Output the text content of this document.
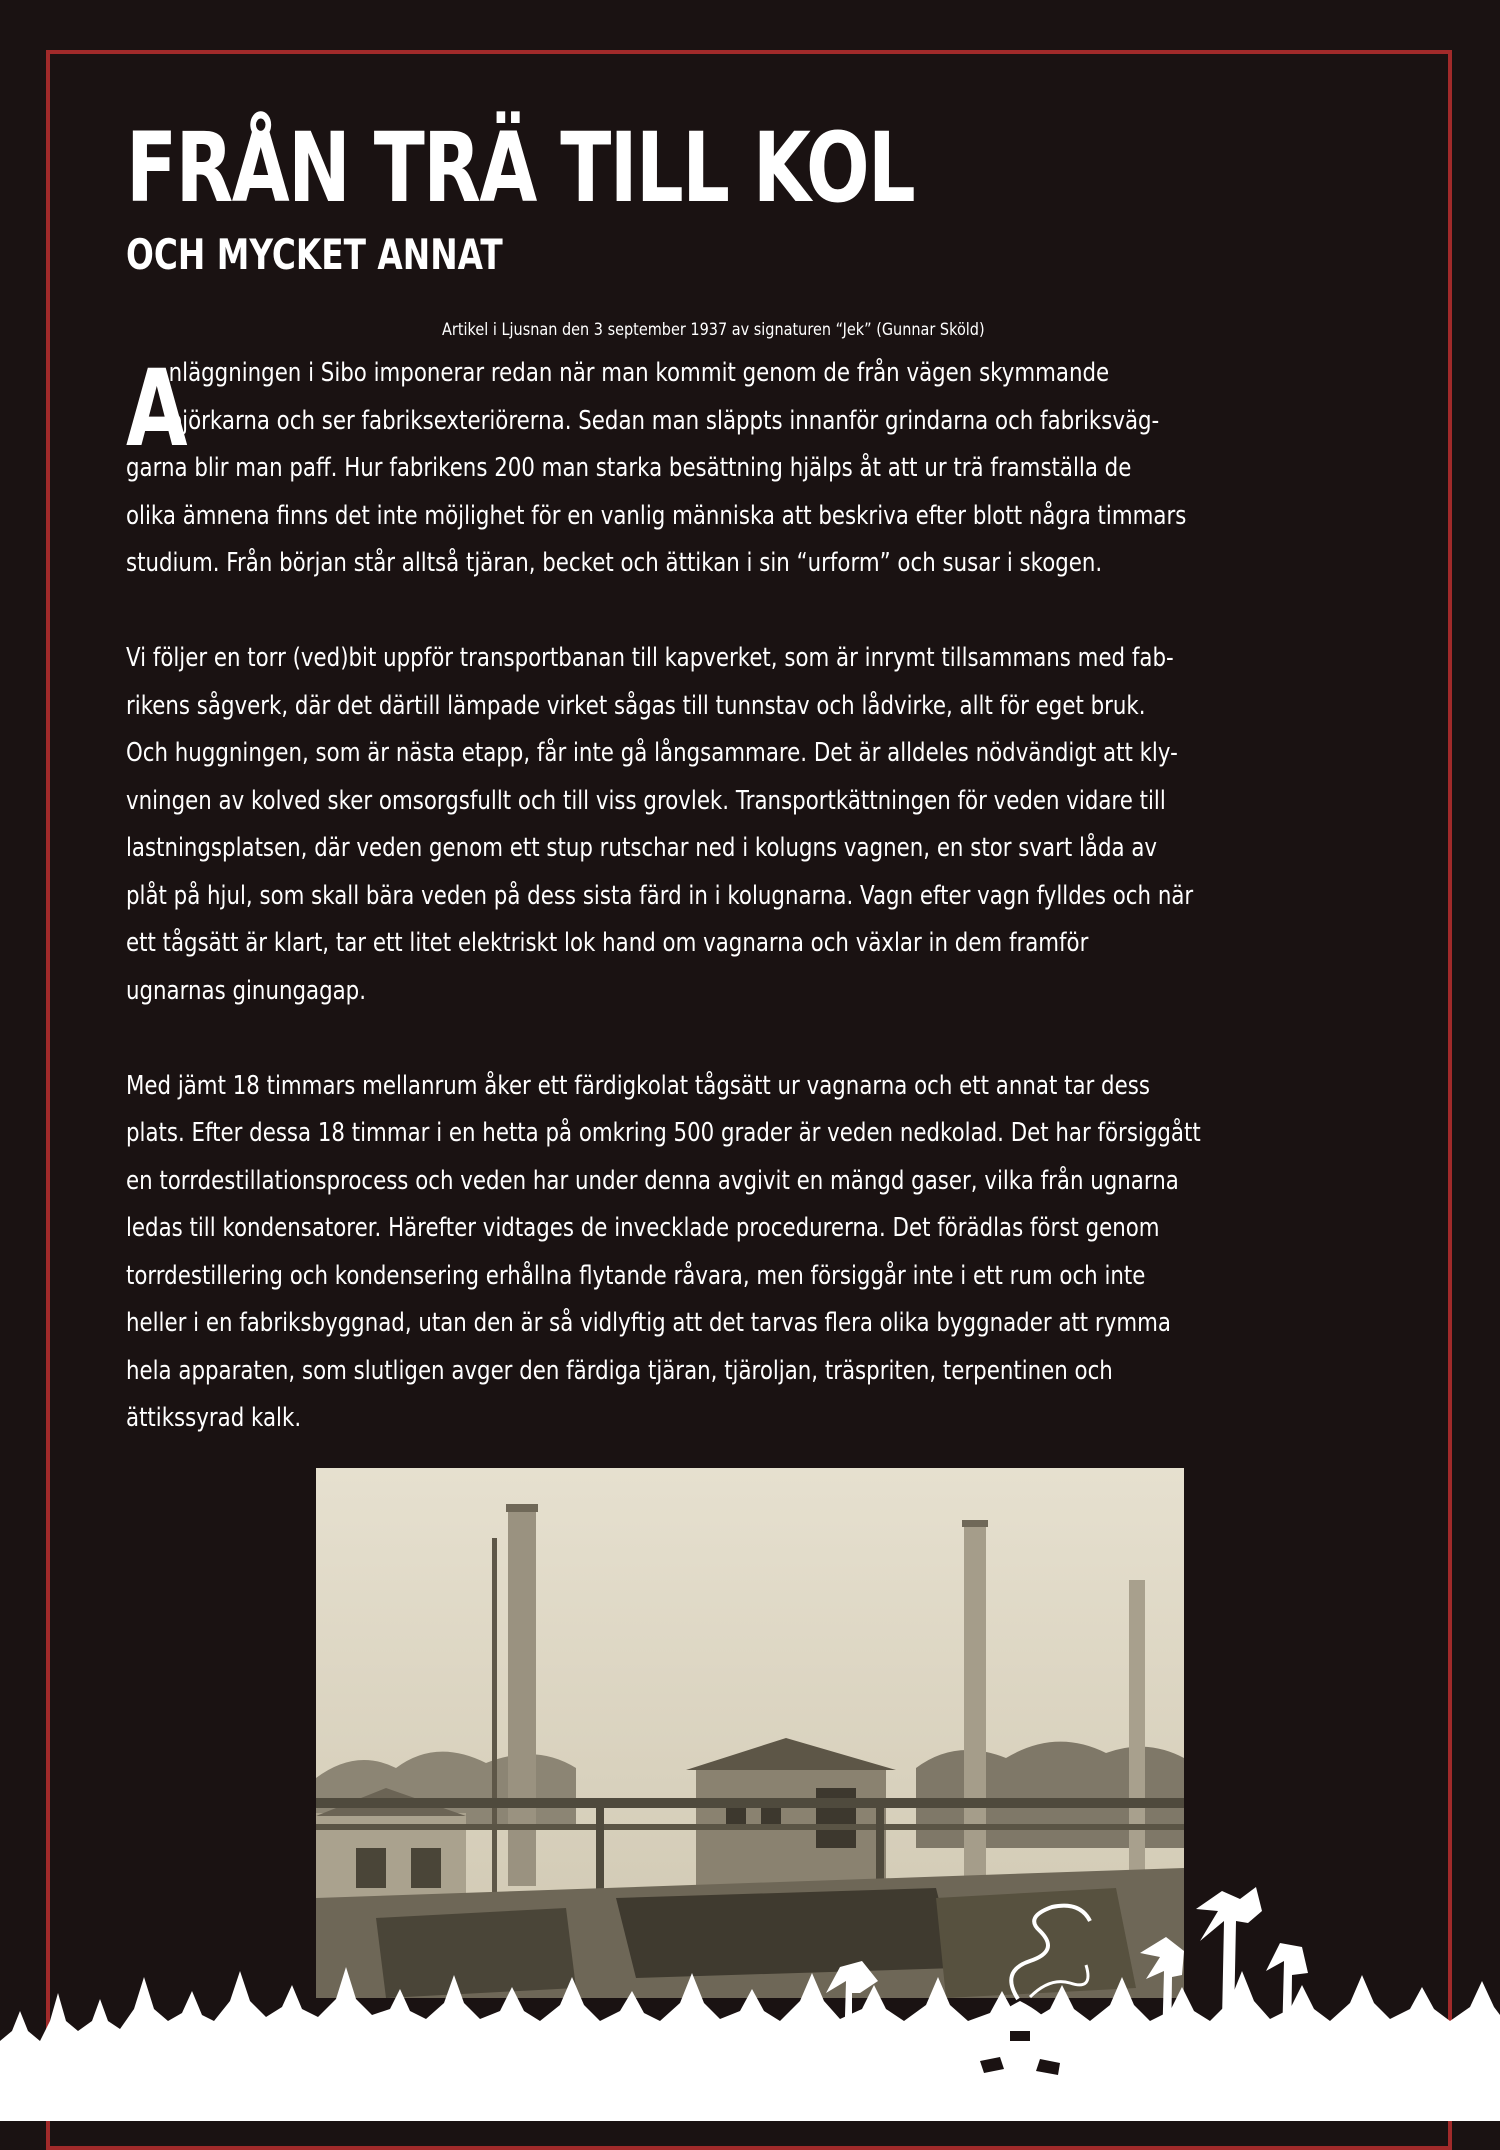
FRÅN TRÄ TILL KOL
OCH MYCKET ANNAT
Artikel i Ljusnan den 3 september 1937 av signaturen “Jek” (Gunnar Sköld)
A
nläggningen i Sibo imponerar redan när man kommit genom de från vägen skymmande
björkarna och ser fabriksexteriörerna. Sedan man släppts innanför grindarna och fabriksväg-
garna blir man paff. Hur fabrikens 200 man starka besättning hjälps åt att ur trä framställa de
olika ämnena finns det inte möjlighet för en vanlig människa att beskriva efter blott några timmars
studium. Från början står alltså tjäran, becket och ättikan i sin “urform” och susar i skogen.
Vi följer en torr (ved)bit uppför transportbanan till kapverket, som är inrymt tillsammans med fab-
rikens sågverk, där det därtill lämpade virket sågas till tunnstav och lådvirke, allt för eget bruk.
Och huggningen, som är nästa etapp, får inte gå långsammare. Det är alldeles nödvändigt att kly-
vningen av kolved sker omsorgsfullt och till viss grovlek. Transportkättningen för veden vidare till
lastningsplatsen, där veden genom ett stup rutschar ned i kolugns vagnen, en stor svart låda av
plåt på hjul, som skall bära veden på dess sista färd in i kolugnarna. Vagn efter vagn fylldes och när
ett tågsätt är klart, tar ett litet elektriskt lok hand om vagnarna och växlar in dem framför
ugnarnas ginungagap.
Med jämt 18 timmars mellanrum åker ett färdigkolat tågsätt ur vagnarna och ett annat tar dess
plats. Efter dessa 18 timmar i en hetta på omkring 500 grader är veden nedkolad. Det har försiggått
en torrdestillationsprocess och veden har under denna avgivit en mängd gaser, vilka från ugnarna
ledas till kondensatorer. Härefter vidtages de invecklade procedurerna. Det förädlas först genom
torrdestillering och kondensering erhållna flytande råvara, men försiggår inte i ett rum och inte
heller i en fabriksbyggnad, utan den är så vidlyftig att det tarvas flera olika byggnader att rymma
hela apparaten, som slutligen avger den färdiga tjäran, tjäroljan, träspriten, terpentinen och
ättikssyrad kalk.
